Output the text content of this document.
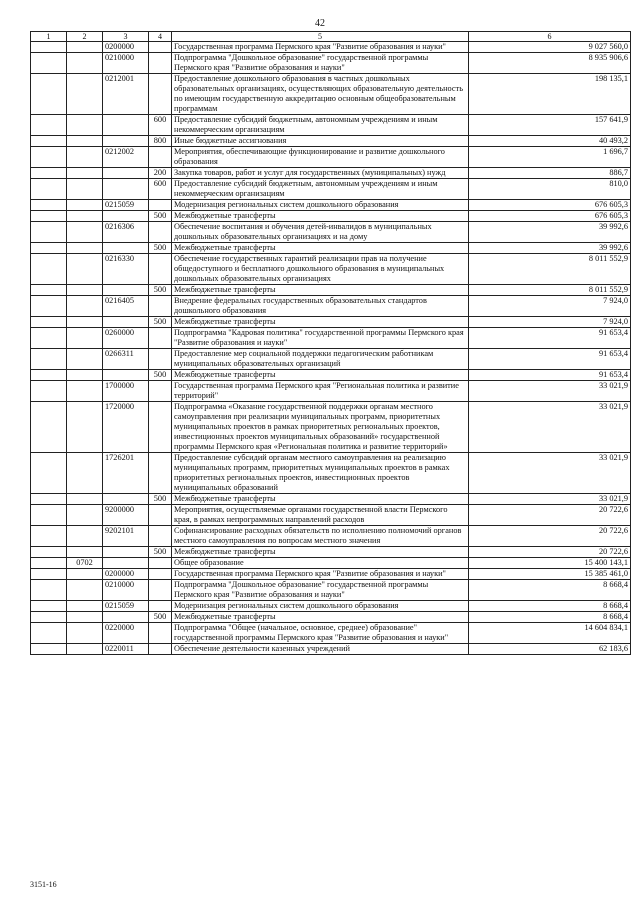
42
1	2	3	4	5	6
		0200000		Государственная программа Пермского края "Развитие образования и науки"	9 027 560,0
		0210000		Подпрограмма "Дошкольное образование" государственной программы Пермского края "Развитие образования и науки"	8 935 906,6
		0212001		Предоставление дошкольного образования в частных дошкольных образовательных организациях, осуществляющих образовательную деятельность по имеющим государственную аккредитацию основным общеобразовательным программам	198 135,1
			600	Предоставление субсидий бюджетным, автономным учреждениям и иным некоммерческим организациям	157 641,9
			800	Иные бюджетные ассигнования	40 493,2
		0212002		Мероприятия, обеспечивающие функционирование и развитие дошкольного образования	1 696,7
			200	Закупка товаров, работ и услуг для государственных (муниципальных) нужд	886,7
			600	Предоставление субсидий бюджетным, автономным учреждениям и иным некоммерческим организациям	810,0
		0215059		Модернизация региональных систем дошкольного образования	676 605,3
			500	Межбюджетные трансферты	676 605,3
		0216306		Обеспечение воспитания и обучения детей-инвалидов в муниципальных дошкольных образовательных организациях и на дому	39 992,6
			500	Межбюджетные трансферты	39 992,6
		0216330		Обеспечение государственных гарантий реализации прав на получение общедоступного и бесплатного дошкольного образования в муниципальных дошкольных образовательных организациях	8 011 552,9
			500	Межбюджетные трансферты	8 011 552,9
		0216405		Внедрение федеральных государственных образовательных стандартов дошкольного образования	7 924,0
			500	Межбюджетные трансферты	7 924,0
		0260000		Подпрограмма "Кадровая политика" государственной программы Пермского края "Развитие образования и науки"	91 653,4
		0266311		Предоставление мер социальной поддержки педагогическим работникам муниципальных образовательных организаций	91 653,4
			500	Межбюджетные трансферты	91 653,4
		1700000		Государственная программа Пермского края "Региональная политика и развитие территорий"	33 021,9
		1720000		Подпрограмма «Оказание государственной поддержки органам местного самоуправления при реализации муниципальных программ, приоритетных муниципальных проектов в рамках приоритетных региональных проектов, инвестиционных проектов муниципальных образований» государственной программы Пермского края «Региональная политика и развитие территорий»	33 021,9
		1726201		Предоставление субсидий органам местного самоуправления на реализацию муниципальных программ, приоритетных муниципальных проектов в рамках приоритетных региональных проектов, инвестиционных проектов муниципальных образований	33 021,9
			500	Межбюджетные трансферты	33 021,9
		9200000		Мероприятия, осуществляемые органами государственной власти Пермского края, в рамках непрограммных направлений расходов	20 722,6
		9202101		Софинансирование расходных обязательств по исполнению полномочий органов местного самоуправления по вопросам местного значения	20 722,6
			500	Межбюджетные трансферты	20 722,6
	0702			Общее образование	15 400 143,1
		0200000		Государственная программа Пермского края "Развитие образования и науки"	15 385 461,0
		0210000		Подпрограмма "Дошкольное образование" государственной программы Пермского края "Развитие образования и науки"	8 668,4
		0215059		Модернизация региональных систем дошкольного образования	8 668,4
			500	Межбюджетные трансферты	8 668,4
		0220000		Подпрограмма "Общее (начальное, основное, среднее) образование" государственной программы Пермского края "Развитие образования и науки"	14 604 834,1
		0220011		Обеспечение деятельности казенных учреждений	62 183,6
3151-16
